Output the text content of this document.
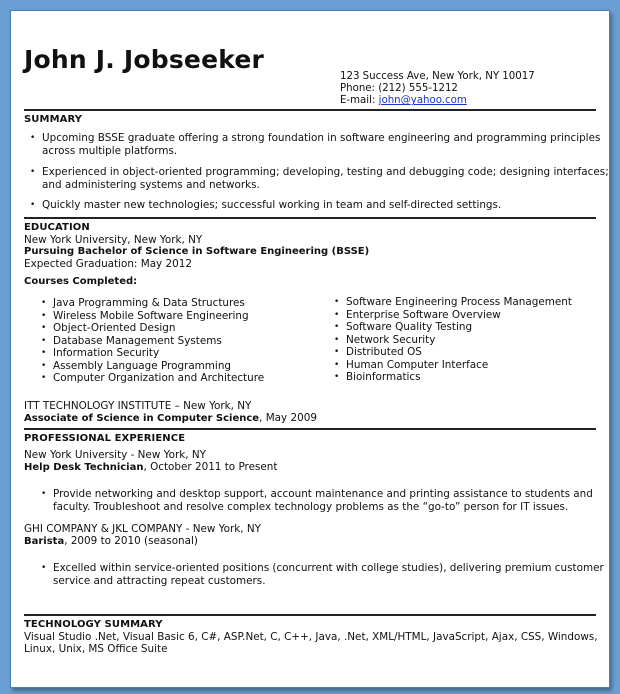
John J. Jobseeker
123 Success Ave, New York, NY 10017
Phone: (212) 555-1212
E-mail: john@yahoo.com
SUMMARY
• Upcoming BSSE graduate offering a strong foundation in software engineering and programming principles
across multiple platforms.
• Experienced in object-oriented programming; developing, testing and debugging code; designing interfaces;
and administering systems and networks.
• Quickly master new technologies; successful working in team and self-directed settings.
EDUCATION
New York University, New York, NY
Pursuing Bachelor of Science in Software Engineering (BSSE)
Expected Graduation: May 2012
Courses Completed:
• Java Programming & Data Structures
• Wireless Mobile Software Engineering
• Object-Oriented Design
• Database Management Systems
• Information Security
• Assembly Language Programming
• Computer Organization and Architecture
• Software Engineering Process Management
• Enterprise Software Overview
• Software Quality Testing
• Network Security
• Distributed OS
• Human Computer Interface
• Bioinformatics
ITT TECHNOLOGY INSTITUTE – New York, NY
Associate of Science in Computer Science, May 2009
PROFESSIONAL EXPERIENCE
New York University - New York, NY
Help Desk Technician, October 2011 to Present
• Provide networking and desktop support, account maintenance and printing assistance to students and
faculty. Troubleshoot and resolve complex technology problems as the “go-to” person for IT issues.
GHI COMPANY & JKL COMPANY - New York, NY
Barista, 2009 to 2010 (seasonal)
• Excelled within service-oriented positions (concurrent with college studies), delivering premium customer
service and attracting repeat customers.
TECHNOLOGY SUMMARY
Visual Studio .Net, Visual Basic 6, C#, ASP.Net, C, C++, Java, .Net, XML/HTML, JavaScript, Ajax, CSS, Windows,
Linux, Unix, MS Office Suite
